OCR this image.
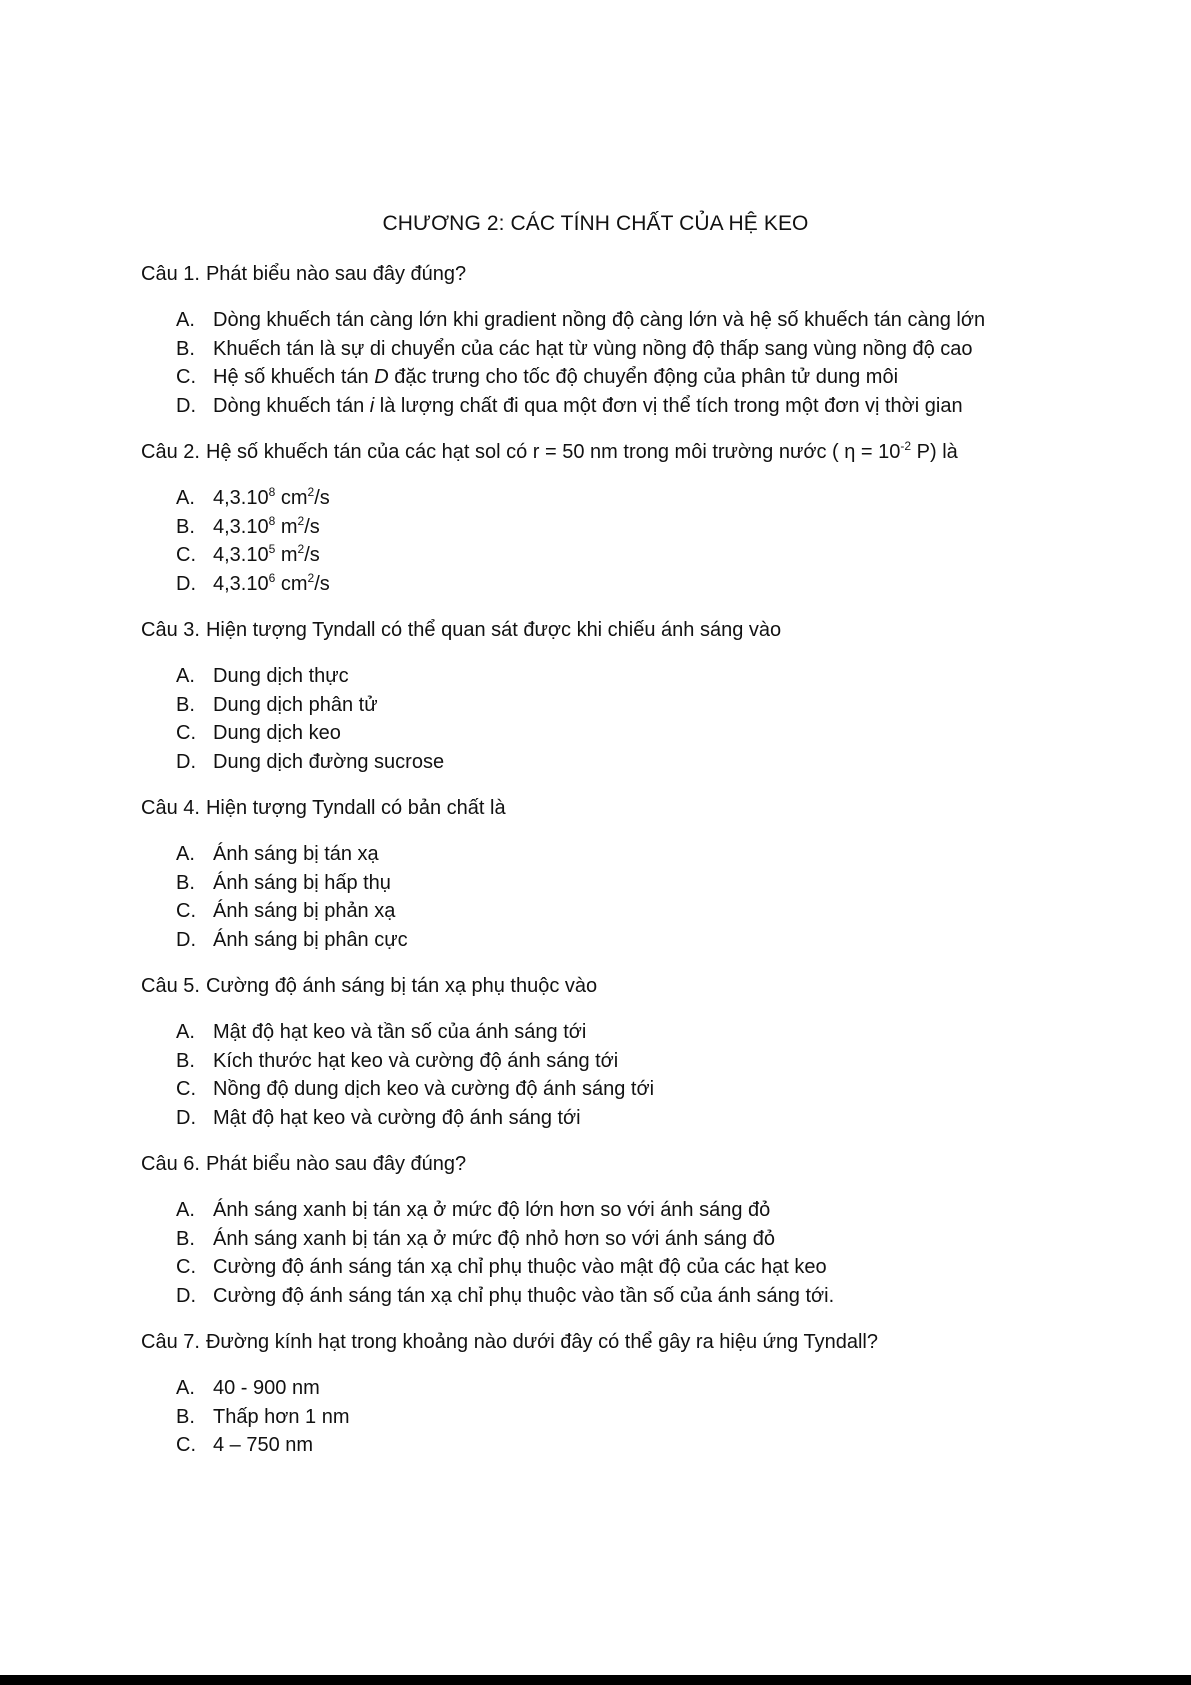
CHƯƠNG 2: CÁC TÍNH CHẤT CỦA HỆ KEO
Câu 1. Phát biểu nào sau đây đúng?
A. Dòng khuếch tán càng lớn khi gradient nồng độ càng lớn và hệ số khuếch tán càng lớn
B. Khuếch tán là sự di chuyển của các hạt từ vùng nồng độ thấp sang vùng nồng độ cao
C. Hệ số khuếch tán D đặc trưng cho tốc độ chuyển động của phân tử dung môi
D. Dòng khuếch tán i là lượng chất đi qua một đơn vị thể tích trong một đơn vị thời gian
Câu 2. Hệ số khuếch tán của các hạt sol có r = 50 nm trong môi trường nước ( $\eta = 10^{-2}$ P) là
A. 4,3.10$^8$ $cm^2/s$
B. 4,3.10$^8$ $m^2/s$
C. 4,3.10$^5$ $m^2/s$
D. 4,3.10$^6$ $cm^2/s$
Câu 3. Hiện tượng Tyndall có thể quan sát được khi chiếu ánh sáng vào
A. Dung dịch thực
B. Dung dịch phân tử
C. Dung dịch keo
D. Dung dịch đường sucrose
Câu 4. Hiện tượng Tyndall có bản chất là
A. Ánh sáng bị tán xạ
B. Ánh sáng bị hấp thụ
C. Ánh sáng bị phản xạ
D. Ánh sáng bị phân cực
Câu 5. Cường độ ánh sáng bị tán xạ phụ thuộc vào
A. Mật độ hạt keo và tần số của ánh sáng tới
B. Kích thước hạt keo và cường độ ánh sáng tới
C. Nồng độ dung dịch keo và cường độ ánh sáng tới
D. Mật độ hạt keo và cường độ ánh sáng tới
Câu 6. Phát biểu nào sau đây đúng?
A. Ánh sáng xanh bị tán xạ ở mức độ lớn hơn so với ánh sáng đỏ
B. Ánh sáng xanh bị tán xạ ở mức độ nhỏ hơn so với ánh sáng đỏ
C. Cường độ ánh sáng tán xạ chỉ phụ thuộc vào mật độ của các hạt keo
D. Cường độ ánh sáng tán xạ chỉ phụ thuộc vào tần số của ánh sáng tới.
Câu 7. Đường kính hạt trong khoảng nào dưới đây có thể gây ra hiệu ứng Tyndall?
A. 40 - 900 nm
B. Thấp hơn 1 nm
C. 4 – 750 nm
